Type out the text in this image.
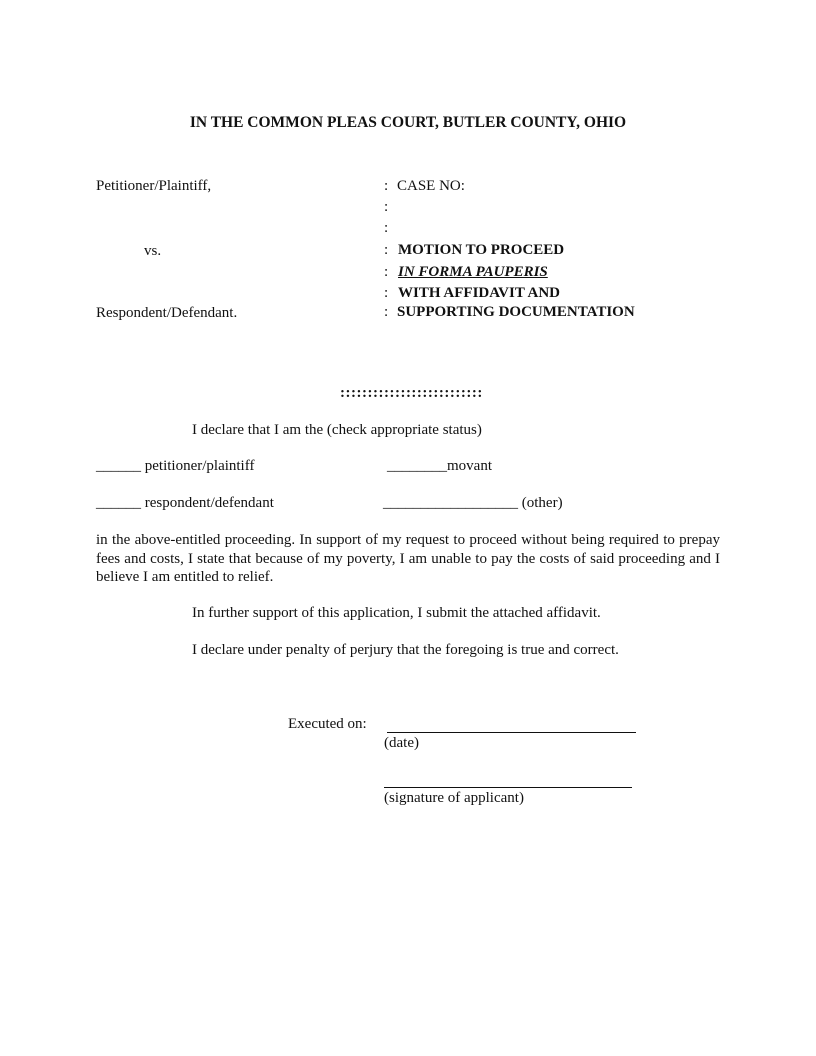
IN THE COMMON PLEAS COURT, BUTLER COUNTY, OHIO
Petitioner/Plaintiff,
vs.
Respondent/Defendant.
:
:
:
:
:
:
:
CASE NO:
MOTION TO PROCEED
IN FORMA PAUPERIS
WITH AFFIDAVIT AND
SUPPORTING DOCUMENTATION
::::::::::::::::::::::::::
I declare that I am the (check appropriate status)
______ petitioner/plaintiff	________movant
______ respondent/defendant	__________________ (other)
in the above-entitled proceeding. In support of my request to proceed without being required to prepay fees and costs, I state that because of my poverty, I am unable to pay the costs of said proceeding and I believe I am entitled to relief.
In further support of this application, I submit the attached affidavit.
I declare under penalty of perjury that the foregoing is true and correct.
Executed on:
(date)
(signature of applicant)
